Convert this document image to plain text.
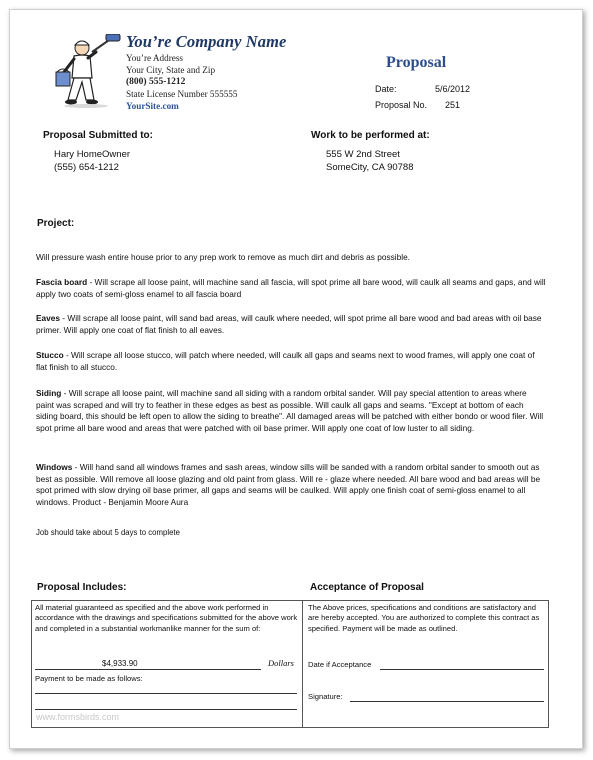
You’re Company Name
You’re Address
Your City, State and Zip
(800) 555-1212
State License Number 555555
YourSite.com
Proposal
Date:	5/6/2012
Proposal No. 251
Proposal Submitted to:
Hary HomeOwner
(555) 654-1212
Work to be performed at:
555 W 2nd Street
SomeCity, CA 90788
Project:
Will pressure wash entire house prior to any prep work to remove as much dirt and debris as possible.
Fascia board - Will scrape all loose paint, will machine sand all fascia, will spot prime all bare wood, will caulk all seams and gaps, and will apply two coats of semi-gloss enamel to all fascia board
Eaves - Will scrape all loose paint, will sand bad areas, will caulk where needed, will spot prime all bare wood and bad areas with oil base primer. Will apply one coat of flat finish to all eaves.
Stucco - Will scrape all loose stucco, will patch where needed, will caulk all gaps and seams next to wood frames, will apply one coat of flat finish to all stucco.
Siding - Will scrape all loose paint, will machine sand all siding with a random orbital sander. Will pay special attention to areas where paint was scraped and will try to feather in these edges as best as possible. Will caulk all gaps and seams. "Except at bottom of each siding board, this should be left open to allow the siding to breathe". All damaged areas will be patched with either bondo or wood filer. Will spot prime all bare wood and areas that were patched with oil base primer. Will apply one coat of low luster to all siding.
Windows - Will hand sand all windows frames and sash areas, window sills will be sanded with a random orbital sander to smooth out as best as possible. Will remove all loose glazing and old paint from glass. Will re - glaze where needed. All bare wood and bad areas will be spot primed with slow drying oil base primer, all gaps and seams will be caulked. Will apply one finish coat of semi-gloss enamel to all windows. Product - Benjamin Moore Aura
Job should take about 5 days to complete
Proposal Includes:	Acceptance of Proposal
All material guaranteed as specified and the above work performed in accordance with the drawings and specifications submitted for the above work and completed in a substantial workmanlike manner for the sum of:
The Above prices, specifications and conditions are satisfactory and are hereby accepted. You are authorized to complete this contract as specified. Payment will be made as outlined.
$4,933.90	Dollars
Payment to be made as follows:
Date if Acceptance
Signature:
www.formsbirds.com
